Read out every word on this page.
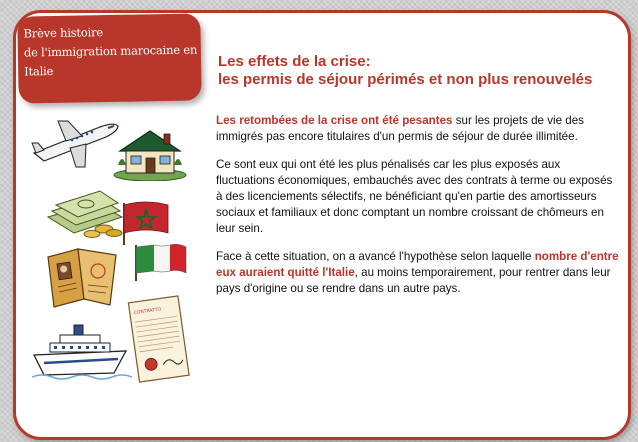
Brève histoire
de l'immigration marocaine en
Italie
Les effets de la crise:
les permis de séjour périmés et non plus renouvelés

Les retombées de la crise ont été pesantes sur les projets de vie des immigrés pas encore titulaires d'un permis de séjour de durée illimitée.

Ce sont eux qui ont été les plus pénalisés car les plus exposés aux fluctuations économiques, embauchés avec des contrats à terme ou exposés à des licenciements sélectifs, ne bénéficiant qu'en partie des amortisseurs sociaux et familiaux et donc comptant un nombre croissant de chômeurs en leur sein.

Face à cette situation, on a avancé l'hypothèse selon laquelle nombre d'entre eux auraient quitté l'Italie, au moins temporairement, pour rentrer dans leur pays d'origine ou se rendre dans un autre pays.

CONTRATTO
